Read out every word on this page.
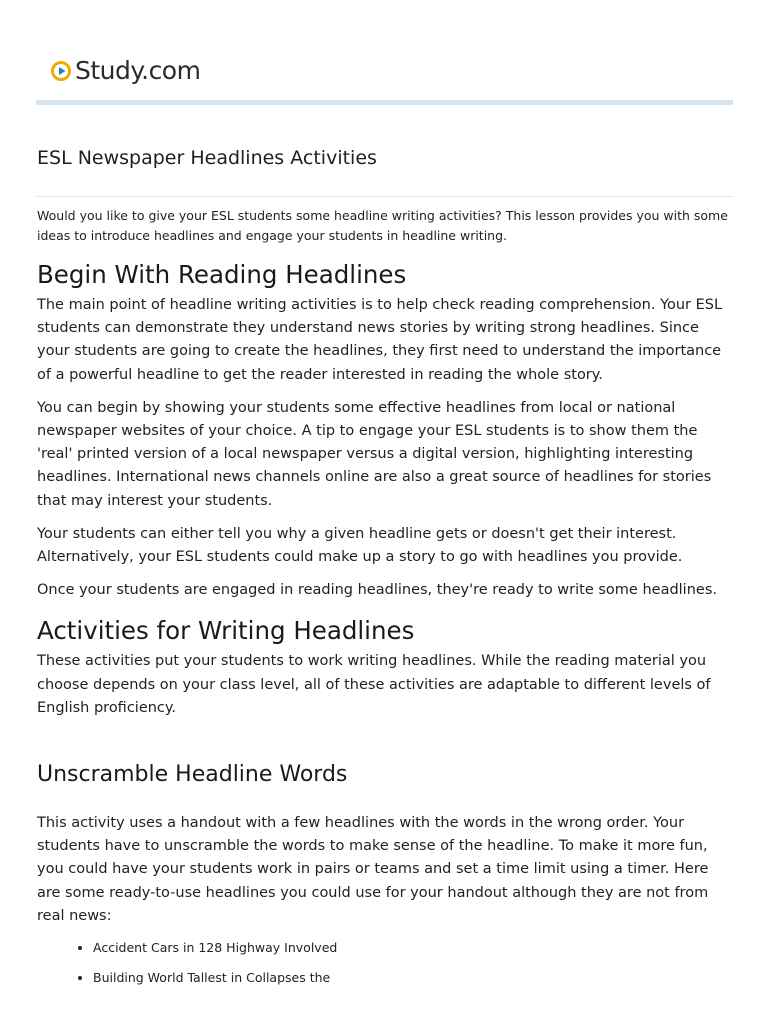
Study.com
ESL Newspaper Headlines Activities

Would you like to give your ESL students some headline writing activities? This lesson provides you with some ideas to introduce headlines and engage your students in headline writing.

Begin With Reading Headlines

The main point of headline writing activities is to help check reading comprehension. Your ESL students can demonstrate they understand news stories by writing strong headlines. Since your students are going to create the headlines, they first need to understand the importance of a powerful headline to get the reader interested in reading the whole story.

You can begin by showing your students some effective headlines from local or national newspaper websites of your choice. A tip to engage your ESL students is to show them the 'real' printed version of a local newspaper versus a digital version, highlighting interesting headlines. International news channels online are also a great source of headlines for stories that may interest your students.

Your students can either tell you why a given headline gets or doesn't get their interest. Alternatively, your ESL students could make up a story to go with headlines you provide.

Once your students are engaged in reading headlines, they're ready to write some headlines.

Activities for Writing Headlines

These activities put your students to work writing headlines. While the reading material you choose depends on your class level, all of these activities are adaptable to different levels of English proficiency.

Unscramble Headline Words

This activity uses a handout with a few headlines with the words in the wrong order. Your students have to unscramble the words to make sense of the headline. To make it more fun, you could have your students work in pairs or teams and set a time limit using a timer. Here are some ready-to-use headlines you could use for your handout although they are not from real news:

• Accident Cars in 128 Highway Involved
• Building World Tallest in Collapses the
